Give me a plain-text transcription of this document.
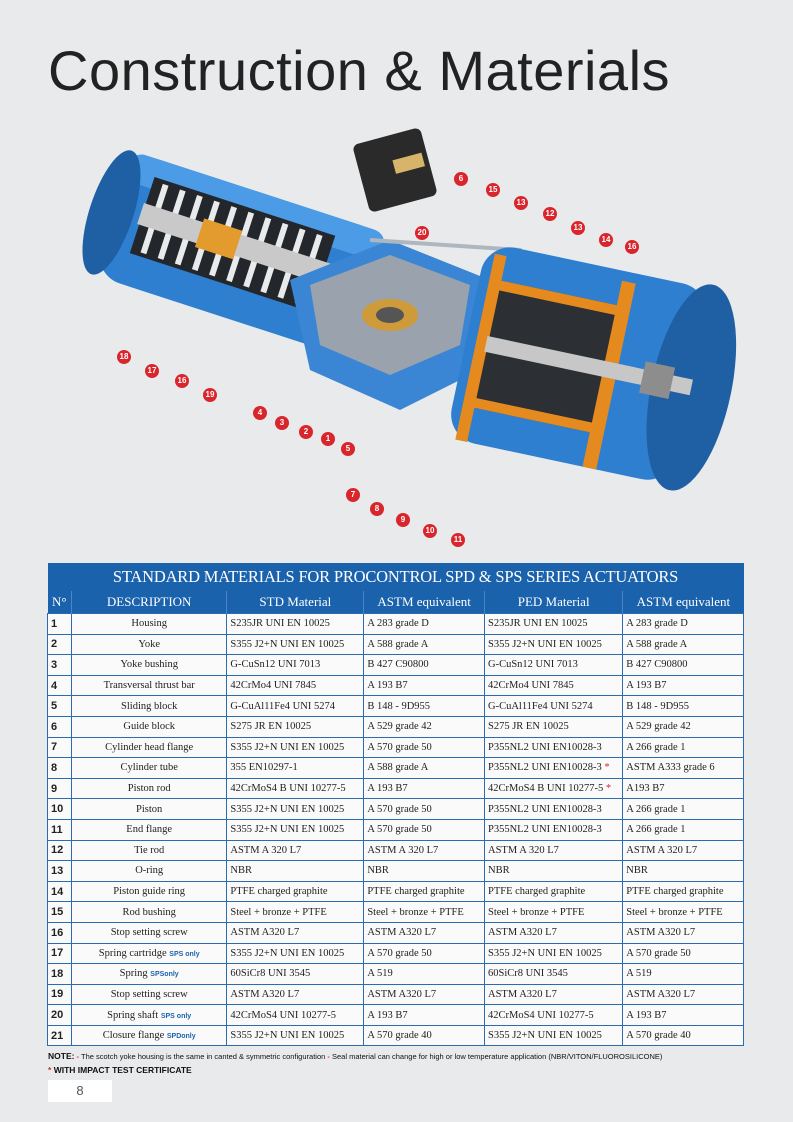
Construction & Materials
18
17
16
19
4
3
2
1
5
7
8
9
10
11
6
15
13
12
13
14
16
20
STANDARD MATERIALS FOR PROCONTROL SPD & SPS SERIES ACTUATORS					
N°	DESCRIPTION	STD Material	ASTM equivalent	PED Material	ASTM equivalent
1	Housing	S235JR UNI EN 10025	A 283 grade D	S235JR UNI EN 10025	A 283 grade D
2	Yoke	S355 J2+N UNI EN 10025	A 588 grade A	S355 J2+N UNI EN 10025	A 588 grade A
3	Yoke bushing	G-CuSn12 UNI 7013	B 427 C90800	G-CuSn12 UNI 7013	B 427 C90800
4	Transversal thrust bar	42CrMo4 UNI 7845	A 193 B7	42CrMo4 UNI 7845	A 193 B7
5	Sliding block	G-CuAl11Fe4 UNI 5274	B 148 - 9D955	G-CuAl11Fe4 UNI 5274	B 148 - 9D955
6	Guide block	S275 JR EN 10025	A 529 grade 42	S275 JR EN 10025	A 529 grade 42
7	Cylinder head flange	S355 J2+N UNI EN 10025	A 570 grade 50	P355NL2 UNI EN10028-3	A 266 grade 1
8	Cylinder tube	355 EN10297-1	A 588 grade A	P355NL2 UNI EN10028-3 *	ASTM A333 grade 6
9	Piston rod	42CrMoS4 B UNI 10277-5	A 193 B7	42CrMoS4 B UNI 10277-5 *	A193 B7
10	Piston	S355 J2+N UNI EN 10025	A 570 grade 50	P355NL2 UNI EN10028-3	A 266 grade 1
11	End flange	S355 J2+N UNI EN 10025	A 570 grade 50	P355NL2 UNI EN10028-3	A 266 grade 1
12	Tie rod	ASTM A 320 L7	ASTM A 320 L7	ASTM A 320 L7	ASTM A 320 L7
13	O-ring	NBR	NBR	NBR	NBR
14	Piston guide ring	PTFE charged graphite	PTFE charged graphite	PTFE charged graphite	PTFE charged graphite
15	Rod bushing	Steel + bronze + PTFE	Steel + bronze + PTFE	Steel + bronze + PTFE	Steel + bronze + PTFE
16	Stop setting screw	ASTM A320 L7	ASTM A320 L7	ASTM A320 L7	ASTM A320 L7
17	Spring cartridge SPS only	S355 J2+N UNI EN 10025	A 570 grade 50	S355 J2+N UNI EN 10025	A 570 grade 50
18	Spring SPSonly	60SiCr8 UNI 3545	A 519	60SiCr8 UNI 3545	A 519
19	Stop setting screw	ASTM A320 L7	ASTM A320 L7	ASTM A320 L7	ASTM A320 L7
20	Spring shaft SPS only	42CrMoS4 UNI 10277-5	A 193 B7	42CrMoS4 UNI 10277-5	A 193 B7
21	Closure flange SPDonly	S355 J2+N UNI EN 10025	A 570 grade 40	S355 J2+N UNI EN 10025	A 570 grade 40
NOTE: - The scotch yoke housing is the same in canted & symmetric configuration - Seal material can change for high or low temperature application (NBR/VITON/FLUOROSILICONE)
* WITH IMPACT TEST CERTIFICATE
8
